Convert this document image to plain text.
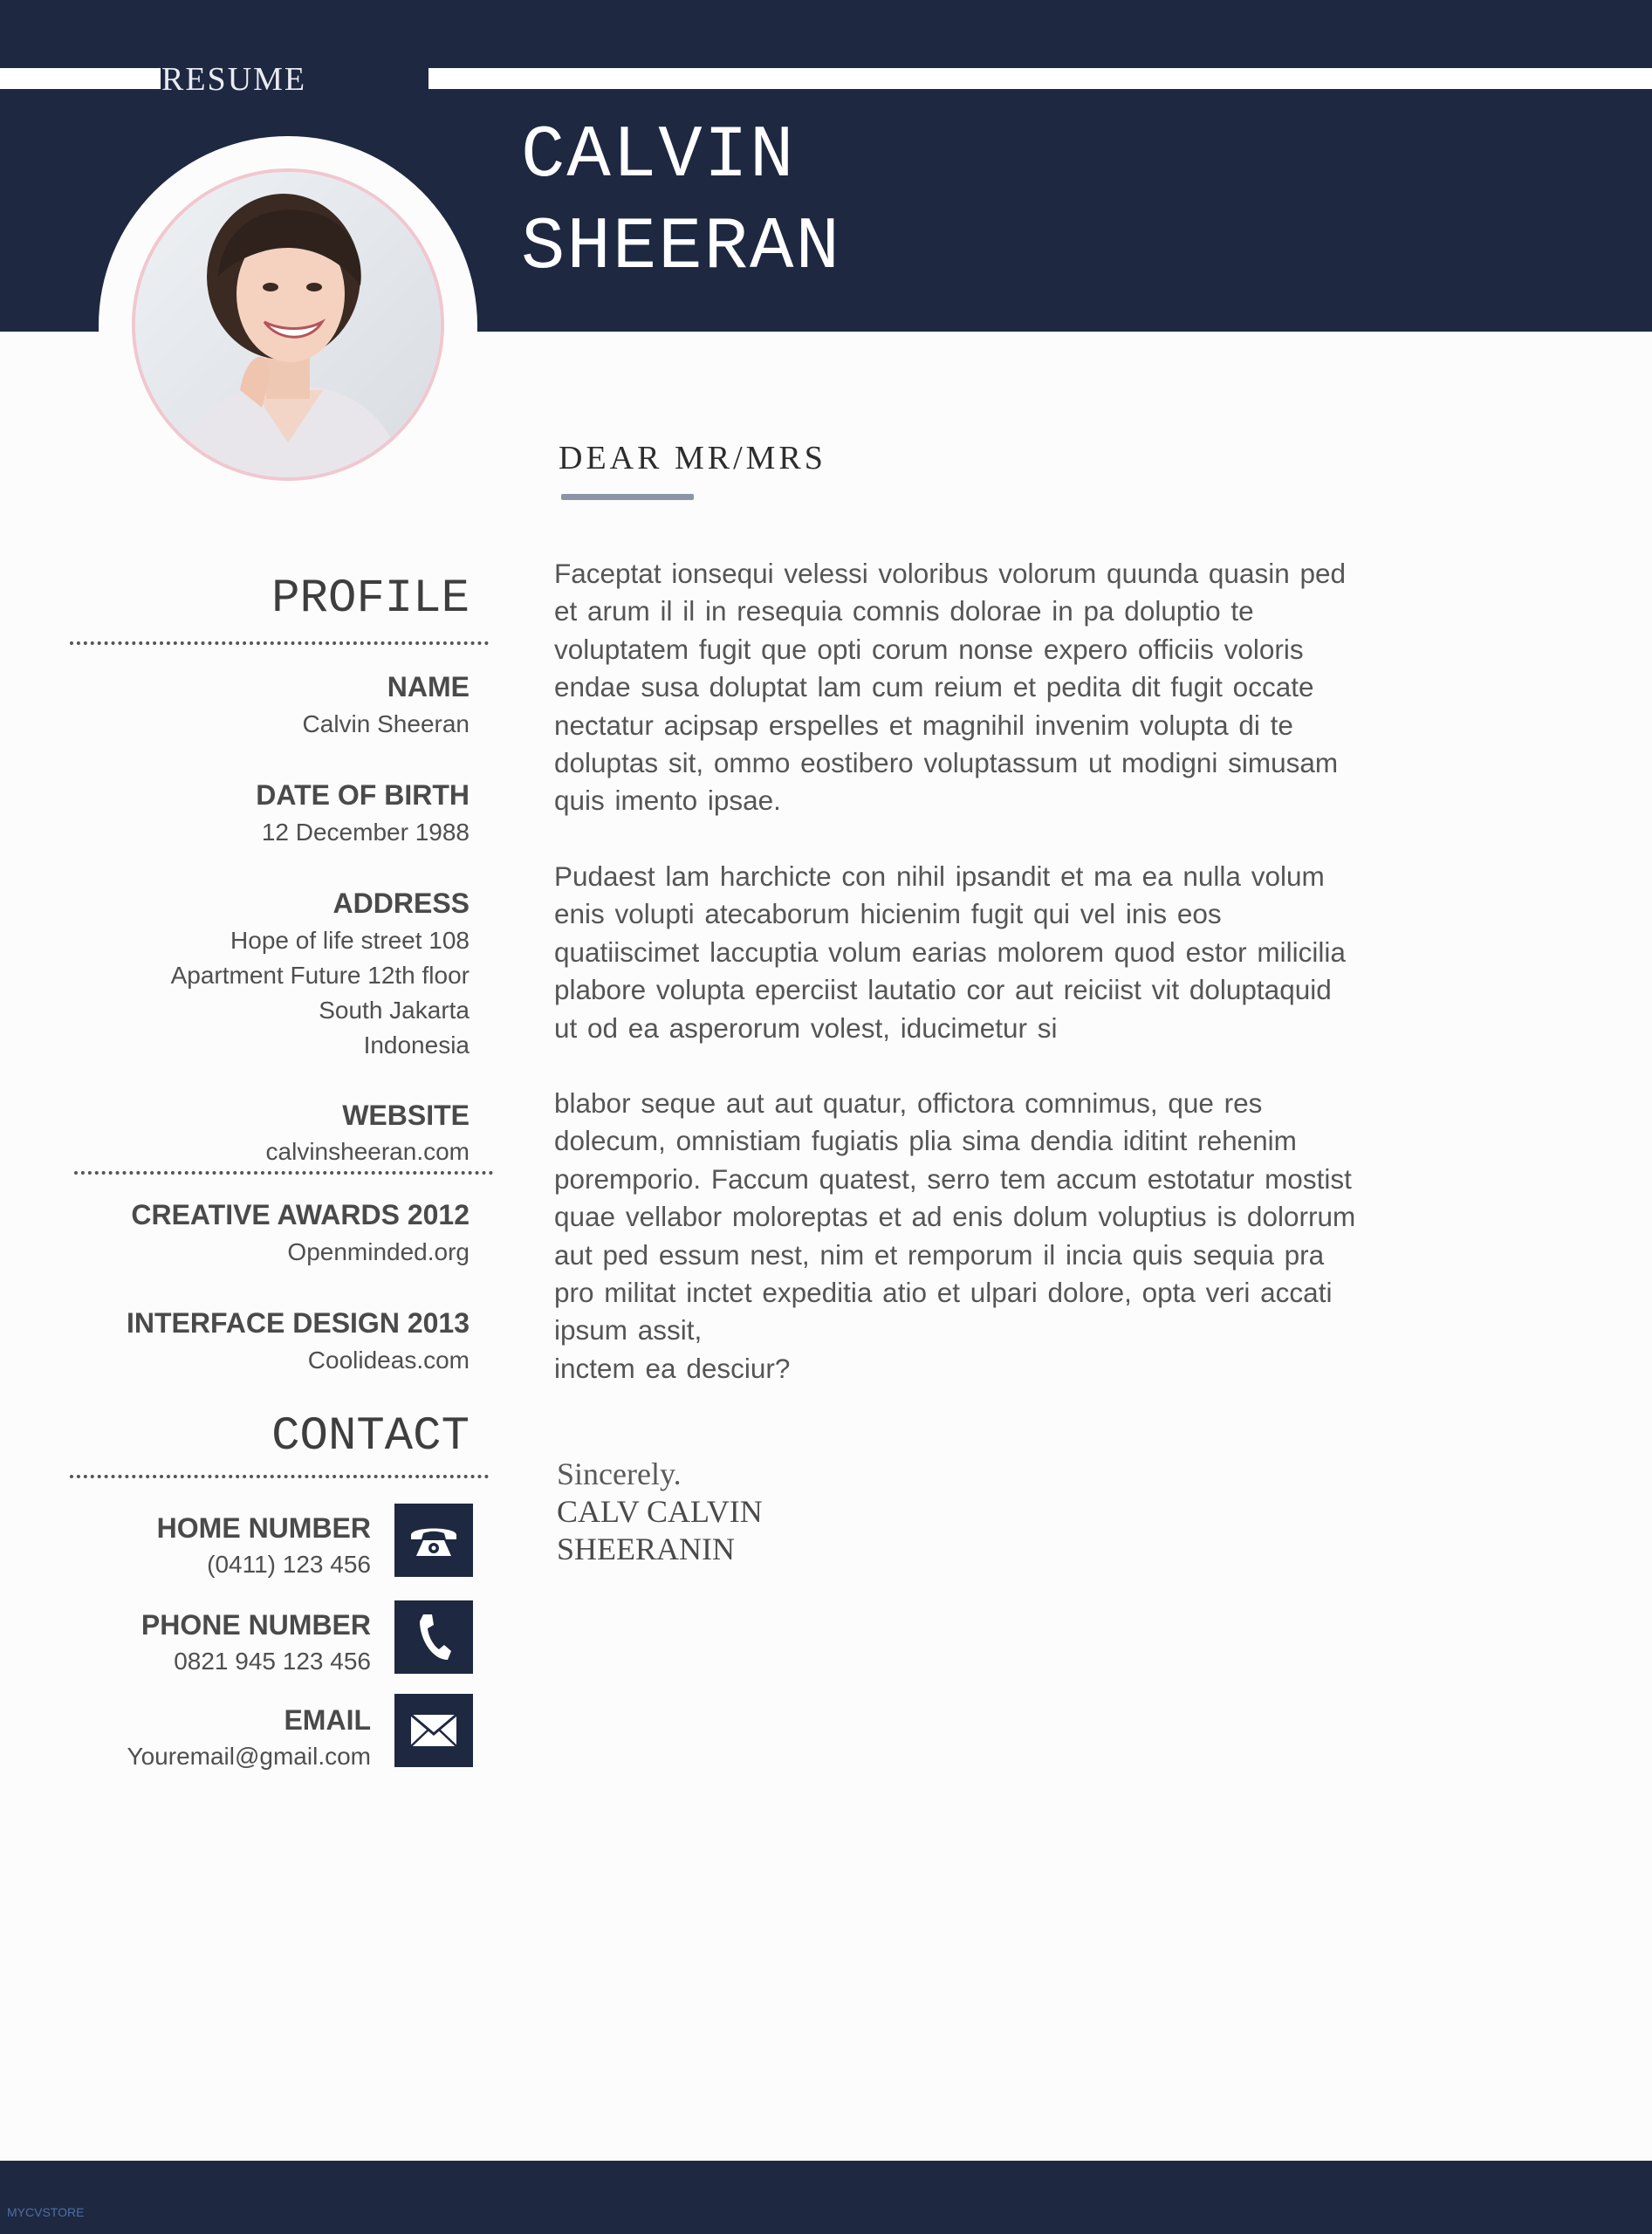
RESUME
CALVIN
SHEERAN
PROFILE
NAME
Calvin Sheeran
DATE OF BIRTH
12 December 1988
ADDRESS
Hope of life street 108
Apartment Future 12th floor
South Jakarta
Indonesia
WEBSITE
calvinsheeran.com
CREATIVE AWARDS 2012
Openminded.org
INTERFACE DESIGN 2013
Coolideas.com
CONTACT
HOME NUMBER
(0411) 123 456
PHONE NUMBER
0821 945 123 456
EMAIL
Youremail@gmail.com
DEAR MR/MRS
Faceptat ionsequi velessi voloribus volorum quunda quasin ped
et arum il il in resequia comnis dolorae in pa doluptio te
voluptatem fugit que opti corum nonse expero officiis voloris
endae susa doluptat lam cum reium et pedita dit fugit occate
nectatur acipsap erspelles et magnihil invenim volupta di te
doluptas sit, ommo eostibero voluptassum ut modigni simusam
quis imento ipsae.
Pudaest lam harchicte con nihil ipsandit et ma ea nulla volum
enis volupti atecaborum hicienim fugit qui vel inis eos
quatiiscimet laccuptia volum earias molorem quod estor milicilia
plabore volupta eperciist lautatio cor aut reiciist vit doluptaquid
ut od ea asperorum volest, iducimetur si
blabor seque aut aut quatur, offictora comnimus, que res
dolecum, omnistiam fugiatis plia sima dendia iditint rehenim
poremporio. Faccum quatest, serro tem accum estotatur mostist
quae vellabor moloreptas et ad enis dolum voluptius is dolorrum
aut ped essum nest, nim et remporum il incia quis sequia pra
pro militat inctet expeditia atio et ulpari dolore, opta veri accati
ipsum assit,
inctem ea desciur?
Sincerely.
CALV CALVIN
SHEERANIN
MYCVSTORE
